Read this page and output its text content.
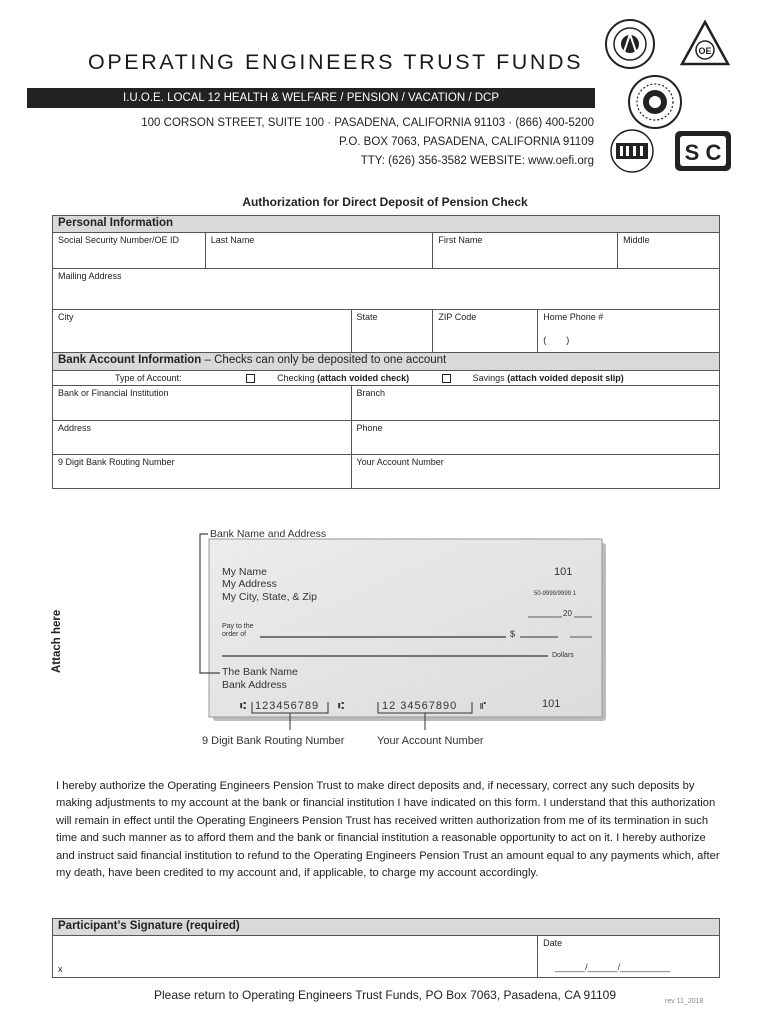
OPERATING ENGINEERS TRUST FUNDS
I.U.O.E. LOCAL 12 HEALTH & WELFARE / PENSION / VACATION / DCP
100 CORSON STREET, SUITE 100 · PASADENA, CALIFORNIA 91103 · (866) 400-5200
P.O. BOX 7063, PASADENA, CALIFORNIA 91109
TTY: (626) 356-3582 WEBSITE: www.oefi.org
OE
S C
Authorization for Direct Deposit of Pension Check
Personal Information					
Social Security Number/OE ID	Last Name		First Name		Middle
Mailing Address					
City		State	ZIP Code	Home Phone #
(        )	

Bank Account Information – Checks can only be deposited to one account					
Type of Account: Checking (attach voided check) Savings (attach voided deposit slip)					
Bank or Financial Institution		Branch			
Address		Phone			
9 Digit Bank Routing Number		Your Account Number			
Attach here
Bank Name and Address
My Name
My Address
My City, State, & Zip
101
50-9999/9999 1
20
Pay to the
order of	$
Dollars
The Bank Name
Bank Address
⑆ 123456789 ⑆	12 34567890 ⑈	101
9 Digit Bank Routing Number	Your Account Number
I hereby authorize the Operating Engineers Pension Trust to make direct deposits and, if necessary, correct any such deposits by making adjustments to my account at the bank or financial institution I have indicated on this form. I understand that this authorization will remain in effect until the Operating Engineers Pension Trust has received written authorization from me of its termination in such time and such manner as to afford them and the bank or financial institution a reasonable opportunity to act on it. I hereby authorize and instruct said financial institution to refund to the Operating Engineers Pension Trust an amount equal to any payments which, after my death, have been credited to my account and, if applicable, to charge my account accordingly.
Participant’s Signature (required)
x	
Date
______/______/__________
Please return to Operating Engineers Trust Funds, PO Box 7063, Pasadena, CA 91109	rev 11_2018
